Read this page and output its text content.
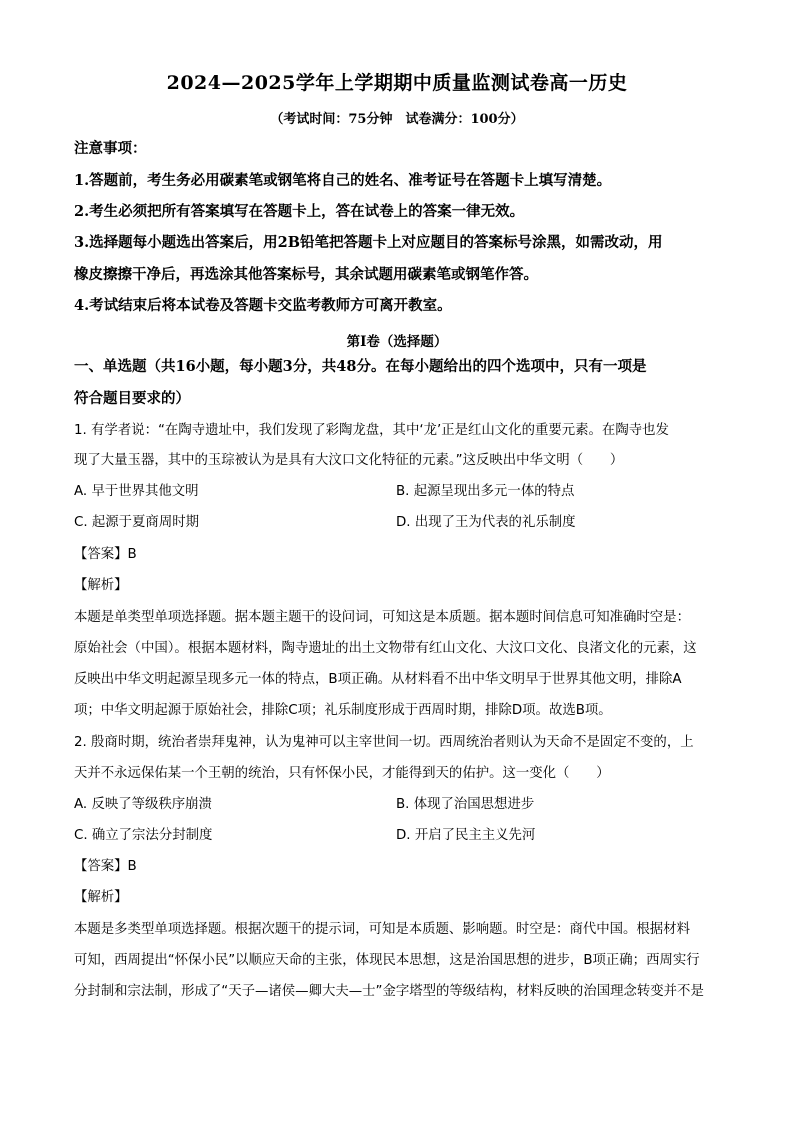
2024—2025学年上学期期中质量监测试卷高一历史
（考试时间：75分钟　试卷满分：100分）
注意事项：
1.答题前，考生务必用碳素笔或钢笔将自己的姓名、准考证号在答题卡上填写清楚。
2.考生必须把所有答案填写在答题卡上，答在试卷上的答案一律无效。
3.选择题每小题选出答案后，用2B铅笔把答题卡上对应题目的答案标号涂黑，如需改动，用
橡皮擦擦干净后，再选涂其他答案标号，其余试题用碳素笔或钢笔作答。
4.考试结束后将本试卷及答题卡交监考教师方可离开教室。
第Ⅰ卷（选择题）
一、单选题（共16小题，每小题3分，共48分。在每小题给出的四个选项中，只有一项是
符合题目要求的）
1. 有学者说：“在陶寺遗址中，我们发现了彩陶龙盘，其中‘龙’正是红山文化的重要元素。在陶寺也发
现了大量玉器，其中的玉琮被认为是具有大汶口文化特征的元素。”这反映出中华文明（　　）
A. 早于世界其他文明	B. 起源呈现出多元一体的特点
C. 起源于夏商周时期	D. 出现了王为代表的礼乐制度
【答案】B
【解析】
本题是单类型单项选择题。据本题主题干的设问词，可知这是本质题。据本题时间信息可知准确时空是：
原始社会（中国）。根据本题材料，陶寺遗址的出土文物带有红山文化、大汶口文化、良渚文化的元素，这
反映出中华文明起源呈现多元一体的特点，B项正确。从材料看不出中华文明早于世界其他文明，排除A
项；中华文明起源于原始社会，排除C项；礼乐制度形成于西周时期，排除D项。故选B项。
2. 殷商时期，统治者崇拜鬼神，认为鬼神可以主宰世间一切。西周统治者则认为天命不是固定不变的，上
天并不永远保佑某一个王朝的统治，只有怀保小民，才能得到天的佑护。这一变化（　　）
A. 反映了等级秩序崩溃	B. 体现了治国思想进步
C. 确立了宗法分封制度	D. 开启了民主主义先河
【答案】B
【解析】
本题是多类型单项选择题。根据次题干的提示词，可知是本质题、影响题。时空是：商代中国。根据材料
可知，西周提出“怀保小民”以顺应天命的主张，体现民本思想，这是治国思想的进步，B项正确；西周实行
分封制和宗法制，形成了“天子—诸侯—卿大夫—士”金字塔型的等级结构，材料反映的治国理念转变并不是
